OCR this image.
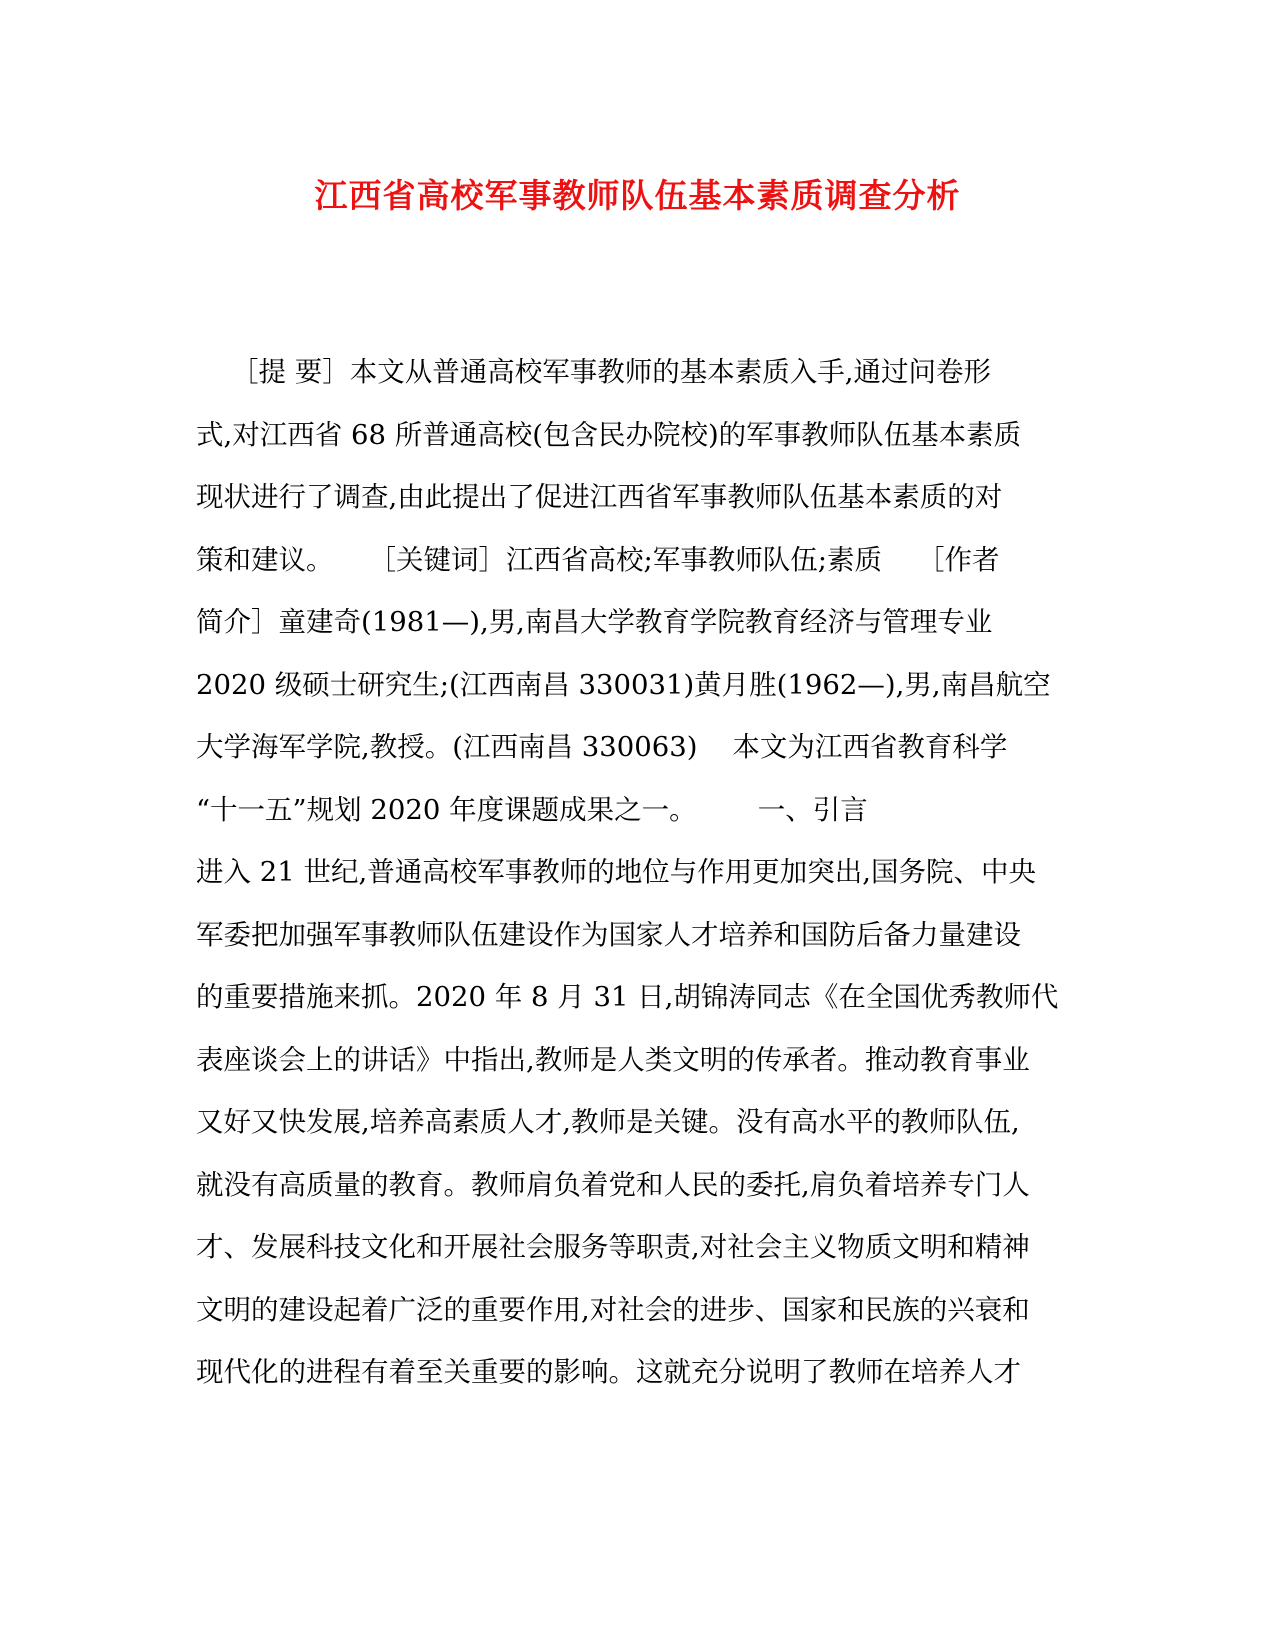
江西省高校军事教师队伍基本素质调查分析
［提 要］本文从普通高校军事教师的基本素质入手,通过问卷形
式,对江西省 68 所普通高校(包含民办院校)的军事教师队伍基本素质
现状进行了调查,由此提出了促进江西省军事教师队伍基本素质的对
策和建议。    ［关键词］江西省高校;军事教师队伍;素质    ［作者
简介］童建奇(1981—),男,南昌大学教育学院教育经济与管理专业
2020 级硕士研究生;(江西南昌 330031)黄月胜(1962—),男,南昌航空
大学海军学院,教授。(江西南昌 330063)    本文为江西省教育科学
“十一五”规划 2020 年度课题成果之一。       一、引言
进入 21 世纪,普通高校军事教师的地位与作用更加突出,国务院、中央
军委把加强军事教师队伍建设作为国家人才培养和国防后备力量建设
的重要措施来抓。2020 年 8 月 31 日,胡锦涛同志《在全国优秀教师代
表座谈会上的讲话》中指出,教师是人类文明的传承者。推动教育事业
又好又快发展,培养高素质人才,教师是关键。没有高水平的教师队伍,
就没有高质量的教育。教师肩负着党和人民的委托,肩负着培养专门人
才、发展科技文化和开展社会服务等职责,对社会主义物质文明和精神
文明的建设起着广泛的重要作用,对社会的进步、国家和民族的兴衰和
现代化的进程有着至关重要的影响。这就充分说明了教师在培养人才
